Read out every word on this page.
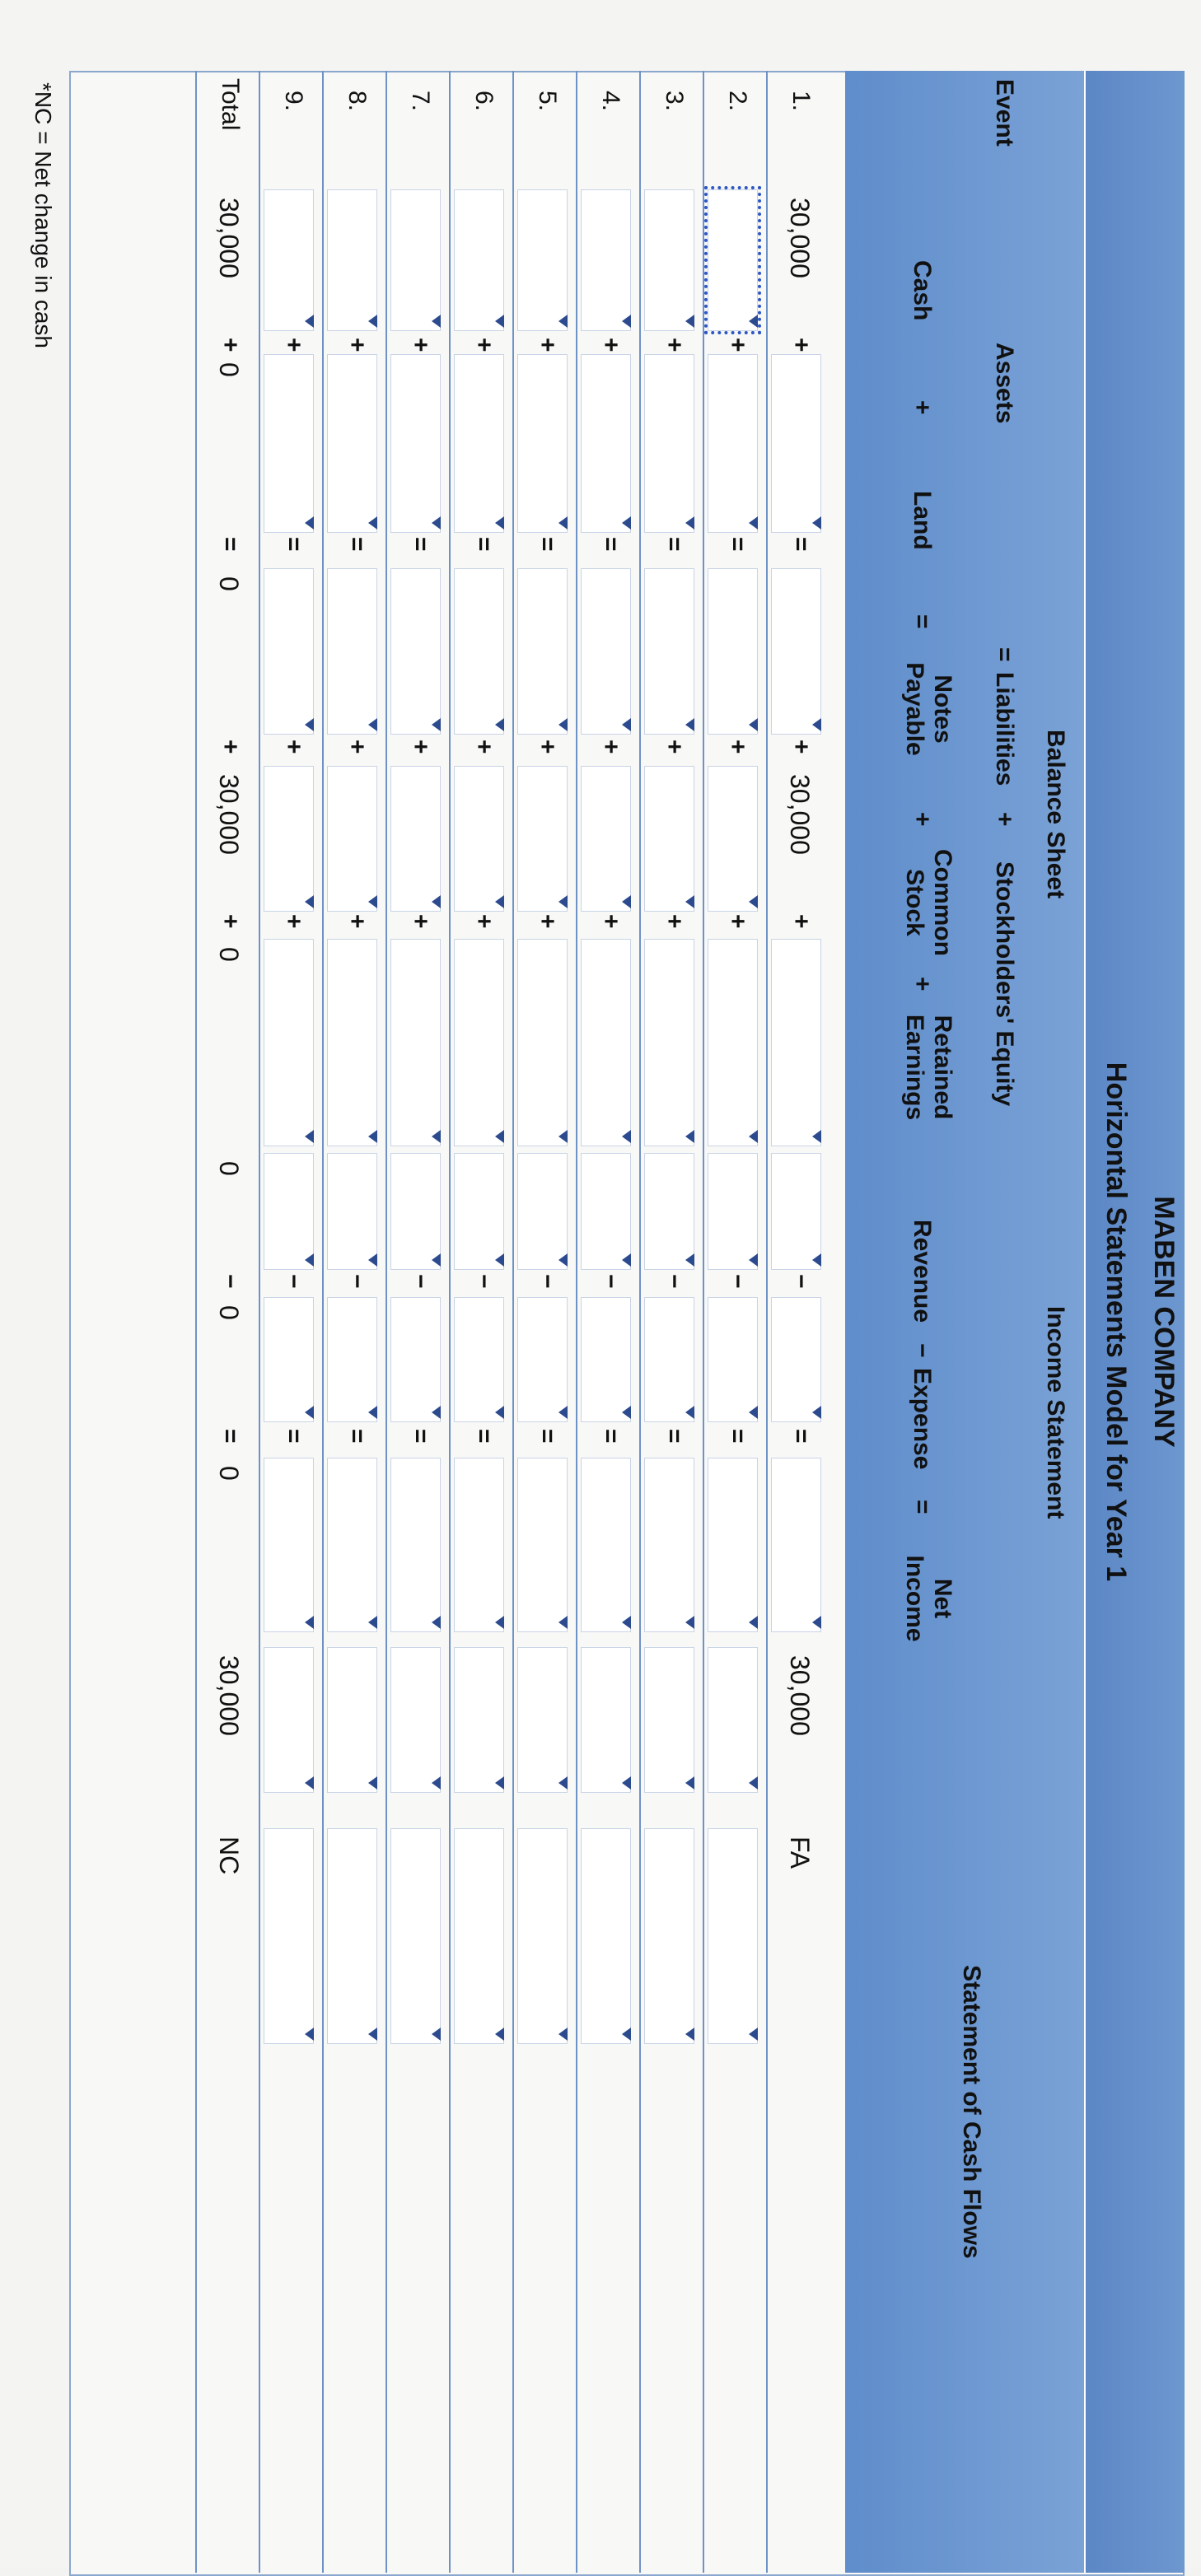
MABEN COMPANY
Horizontal Statements Model for Year 1
Balance Sheet
Income Statement
Statement of Cash Flows
Event
Assets
=
Liabilities
+
Stockholders' Equity
Cash
+
Land
=
Notes Payable
+
Common Stock
+
Retained Earnings
Revenue
−
Expense
=
Net Income
1.
30,000
+
=
+
30,000
+
−
=
30,000
FA
2.
+
=
+
+
−
=
3.
+
=
+
+
−
=
4.
+
=
+
+
−
=
5.
+
=
+
+
−
=
6.
+
=
+
+
−
=
7.
+
=
+
+
−
=
8.
+
=
+
+
−
=
9.
+
=
+
+
−
=
Total
30,000
+
0
=
0
+
30,000
+
0
0
−
0
=
0
30,000
NC
*NC = Net change in cash
